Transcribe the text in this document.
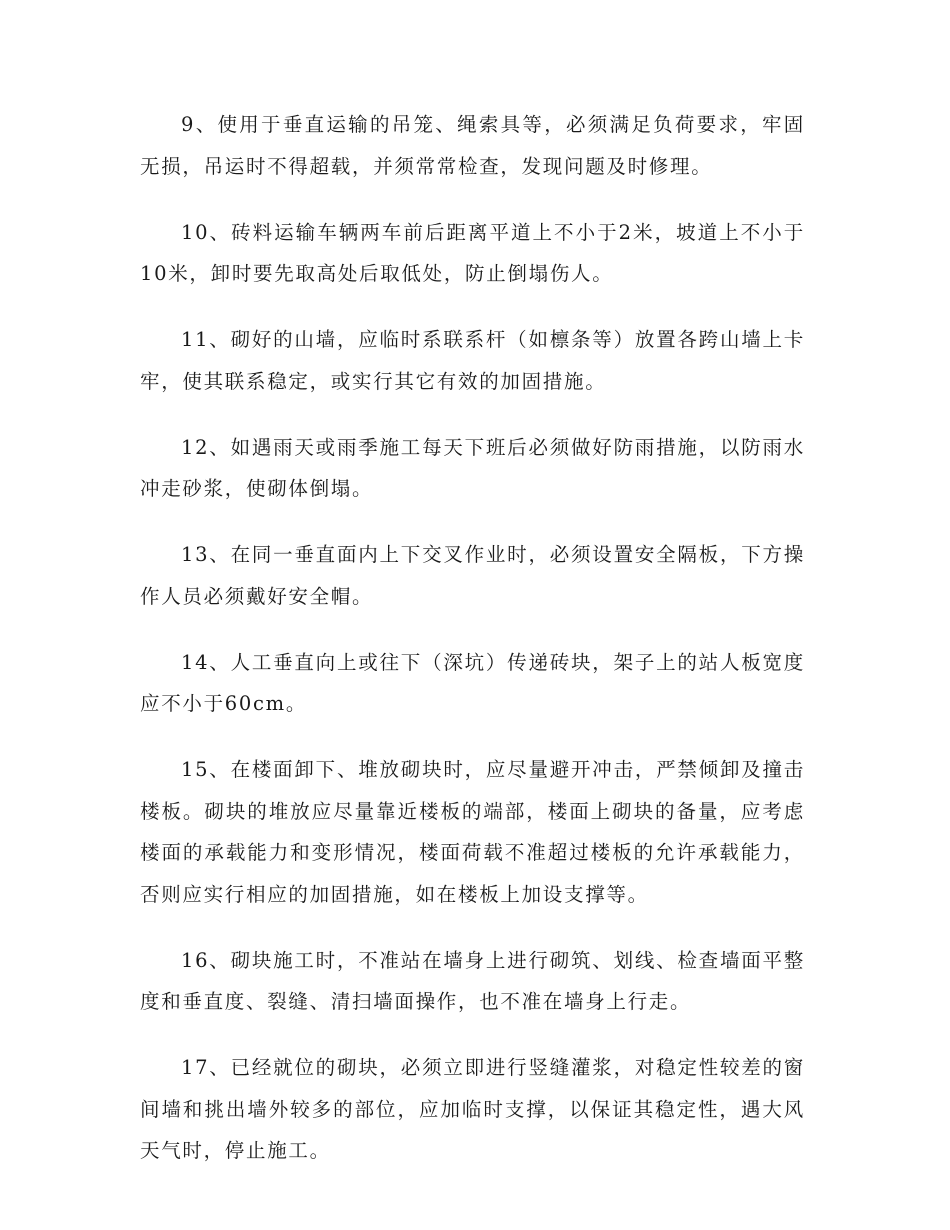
9、使用于垂直运输的吊笼、绳索具等，必须满足负荷要求，牢固无损，吊运时不得超载，并须常常检查，发现问题及时修理。

10、砖料运输车辆两车前后距离平道上不小于2米，坡道上不小于10米，卸时要先取高处后取低处，防止倒塌伤人。

11、砌好的山墙，应临时系联系杆（如檩条等）放置各跨山墙上卡牢，使其联系稳定，或实行其它有效的加固措施。

12、如遇雨天或雨季施工每天下班后必须做好防雨措施，以防雨水冲走砂浆，使砌体倒塌。

13、在同一垂直面内上下交叉作业时，必须设置安全隔板，下方操作人员必须戴好安全帽。

14、人工垂直向上或往下（深坑）传递砖块，架子上的站人板宽度应不小于60cm。

15、在楼面卸下、堆放砌块时，应尽量避开冲击，严禁倾卸及撞击楼板。砌块的堆放应尽量靠近楼板的端部，楼面上砌块的备量，应考虑楼面的承载能力和变形情况，楼面荷载不准超过楼板的允许承载能力，否则应实行相应的加固措施，如在楼板上加设支撑等。

16、砌块施工时，不准站在墙身上进行砌筑、划线、检查墙面平整度和垂直度、裂缝、清扫墙面操作，也不准在墙身上行走。

17、已经就位的砌块，必须立即进行竖缝灌浆，对稳定性较差的窗间墙和挑出墙外较多的部位，应加临时支撑，以保证其稳定性，遇大风天气时，停止施工。
